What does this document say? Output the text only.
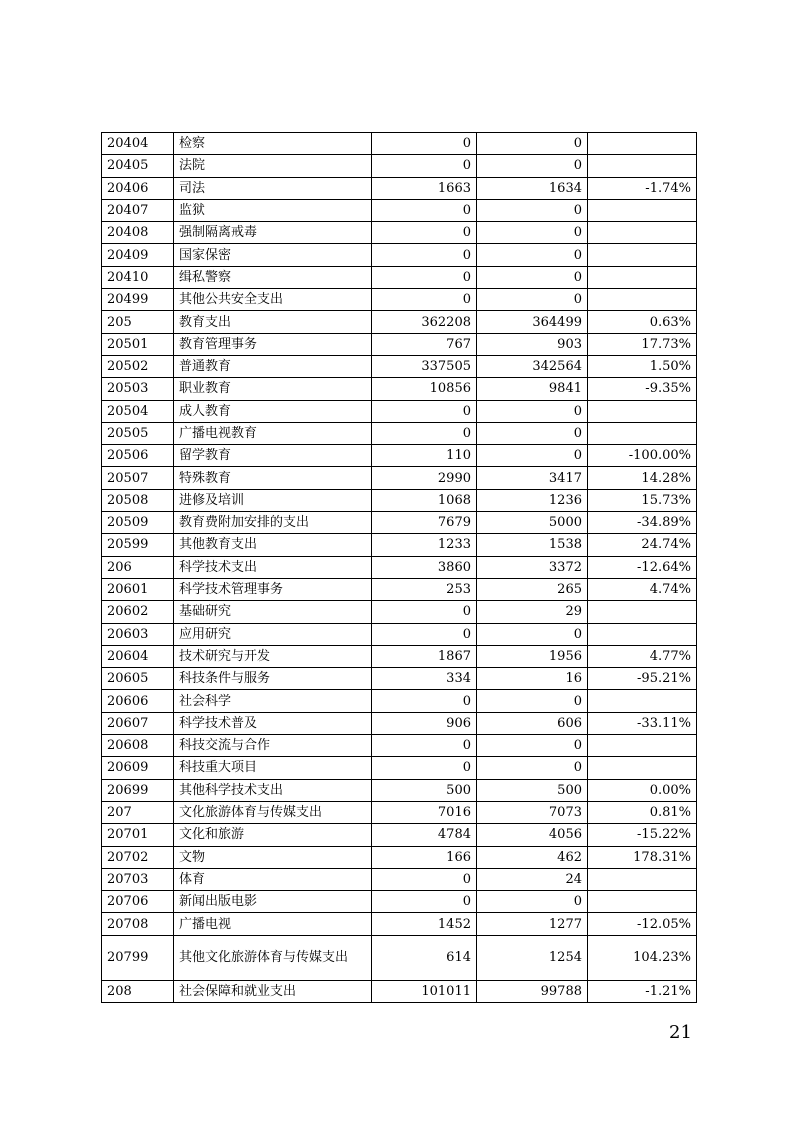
20404	检察	0	0	
20405	法院	0	0	
20406	司法	1663	1634	-1.74%
20407	监狱	0	0	
20408	强制隔离戒毒	0	0	
20409	国家保密	0	0	
20410	缉私警察	0	0	
20499	其他公共安全支出	0	0	
205	教育支出	362208	364499	0.63%
20501	教育管理事务	767	903	17.73%
20502	普通教育	337505	342564	1.50%
20503	职业教育	10856	9841	-9.35%
20504	成人教育	0	0	
20505	广播电视教育	0	0	
20506	留学教育	110	0	-100.00%
20507	特殊教育	2990	3417	14.28%
20508	进修及培训	1068	1236	15.73%
20509	教育费附加安排的支出	7679	5000	-34.89%
20599	其他教育支出	1233	1538	24.74%
206	科学技术支出	3860	3372	-12.64%
20601	科学技术管理事务	253	265	4.74%
20602	基础研究	0	29	
20603	应用研究	0	0	
20604	技术研究与开发	1867	1956	4.77%
20605	科技条件与服务	334	16	-95.21%
20606	社会科学	0	0	
20607	科学技术普及	906	606	-33.11%
20608	科技交流与合作	0	0	
20609	科技重大项目	0	0	
20699	其他科学技术支出	500	500	0.00%
207	文化旅游体育与传媒支出	7016	7073	0.81%
20701	文化和旅游	4784	4056	-15.22%
20702	文物	166	462	178.31%
20703	体育	0	24	
20706	新闻出版电影	0	0	
20708	广播电视	1452	1277	-12.05%
20799	其他文化旅游体育与传媒支出	614	1254	104.23%
208	社会保障和就业支出	101011	99788	-1.21%
21
